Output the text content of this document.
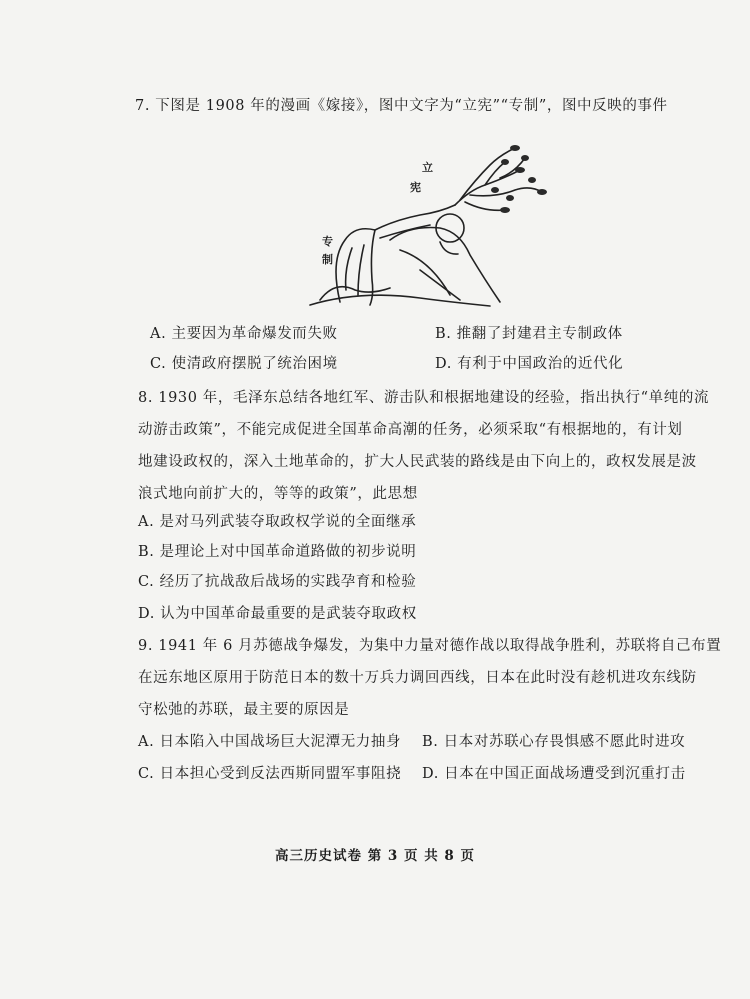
7. 下图是 1908 年的漫画《嫁接》，图中文字为“立宪”“专制”，图中反映的事件
立
宪
专
制
A. 主要因为革命爆发而失败	B. 推翻了封建君主专制政体
C. 使清政府摆脱了统治困境	D. 有利于中国政治的近代化
8. 1930 年，毛泽东总结各地红军、游击队和根据地建设的经验，指出执行“单纯的流
动游击政策”，不能完成促进全国革命高潮的任务，必须采取“有根据地的，有计划
地建设政权的，深入土地革命的，扩大人民武装的路线是由下向上的，政权发展是波
浪式地向前扩大的，等等的政策”，此思想
A. 是对马列武装夺取政权学说的全面继承
B. 是理论上对中国革命道路做的初步说明
C. 经历了抗战敌后战场的实践孕育和检验
D. 认为中国革命最重要的是武装夺取政权
9. 1941 年 6 月苏德战争爆发，为集中力量对德作战以取得战争胜利，苏联将自己布置
在远东地区原用于防范日本的数十万兵力调回西线，日本在此时没有趁机进攻东线防
守松弛的苏联，最主要的原因是
A. 日本陷入中国战场巨大泥潭无力抽身 B. 日本对苏联心存畏惧感不愿此时进攻
C. 日本担心受到反法西斯同盟军事阻挠 D. 日本在中国正面战场遭受到沉重打击
高三历史试卷 第 3 页 共 8 页
